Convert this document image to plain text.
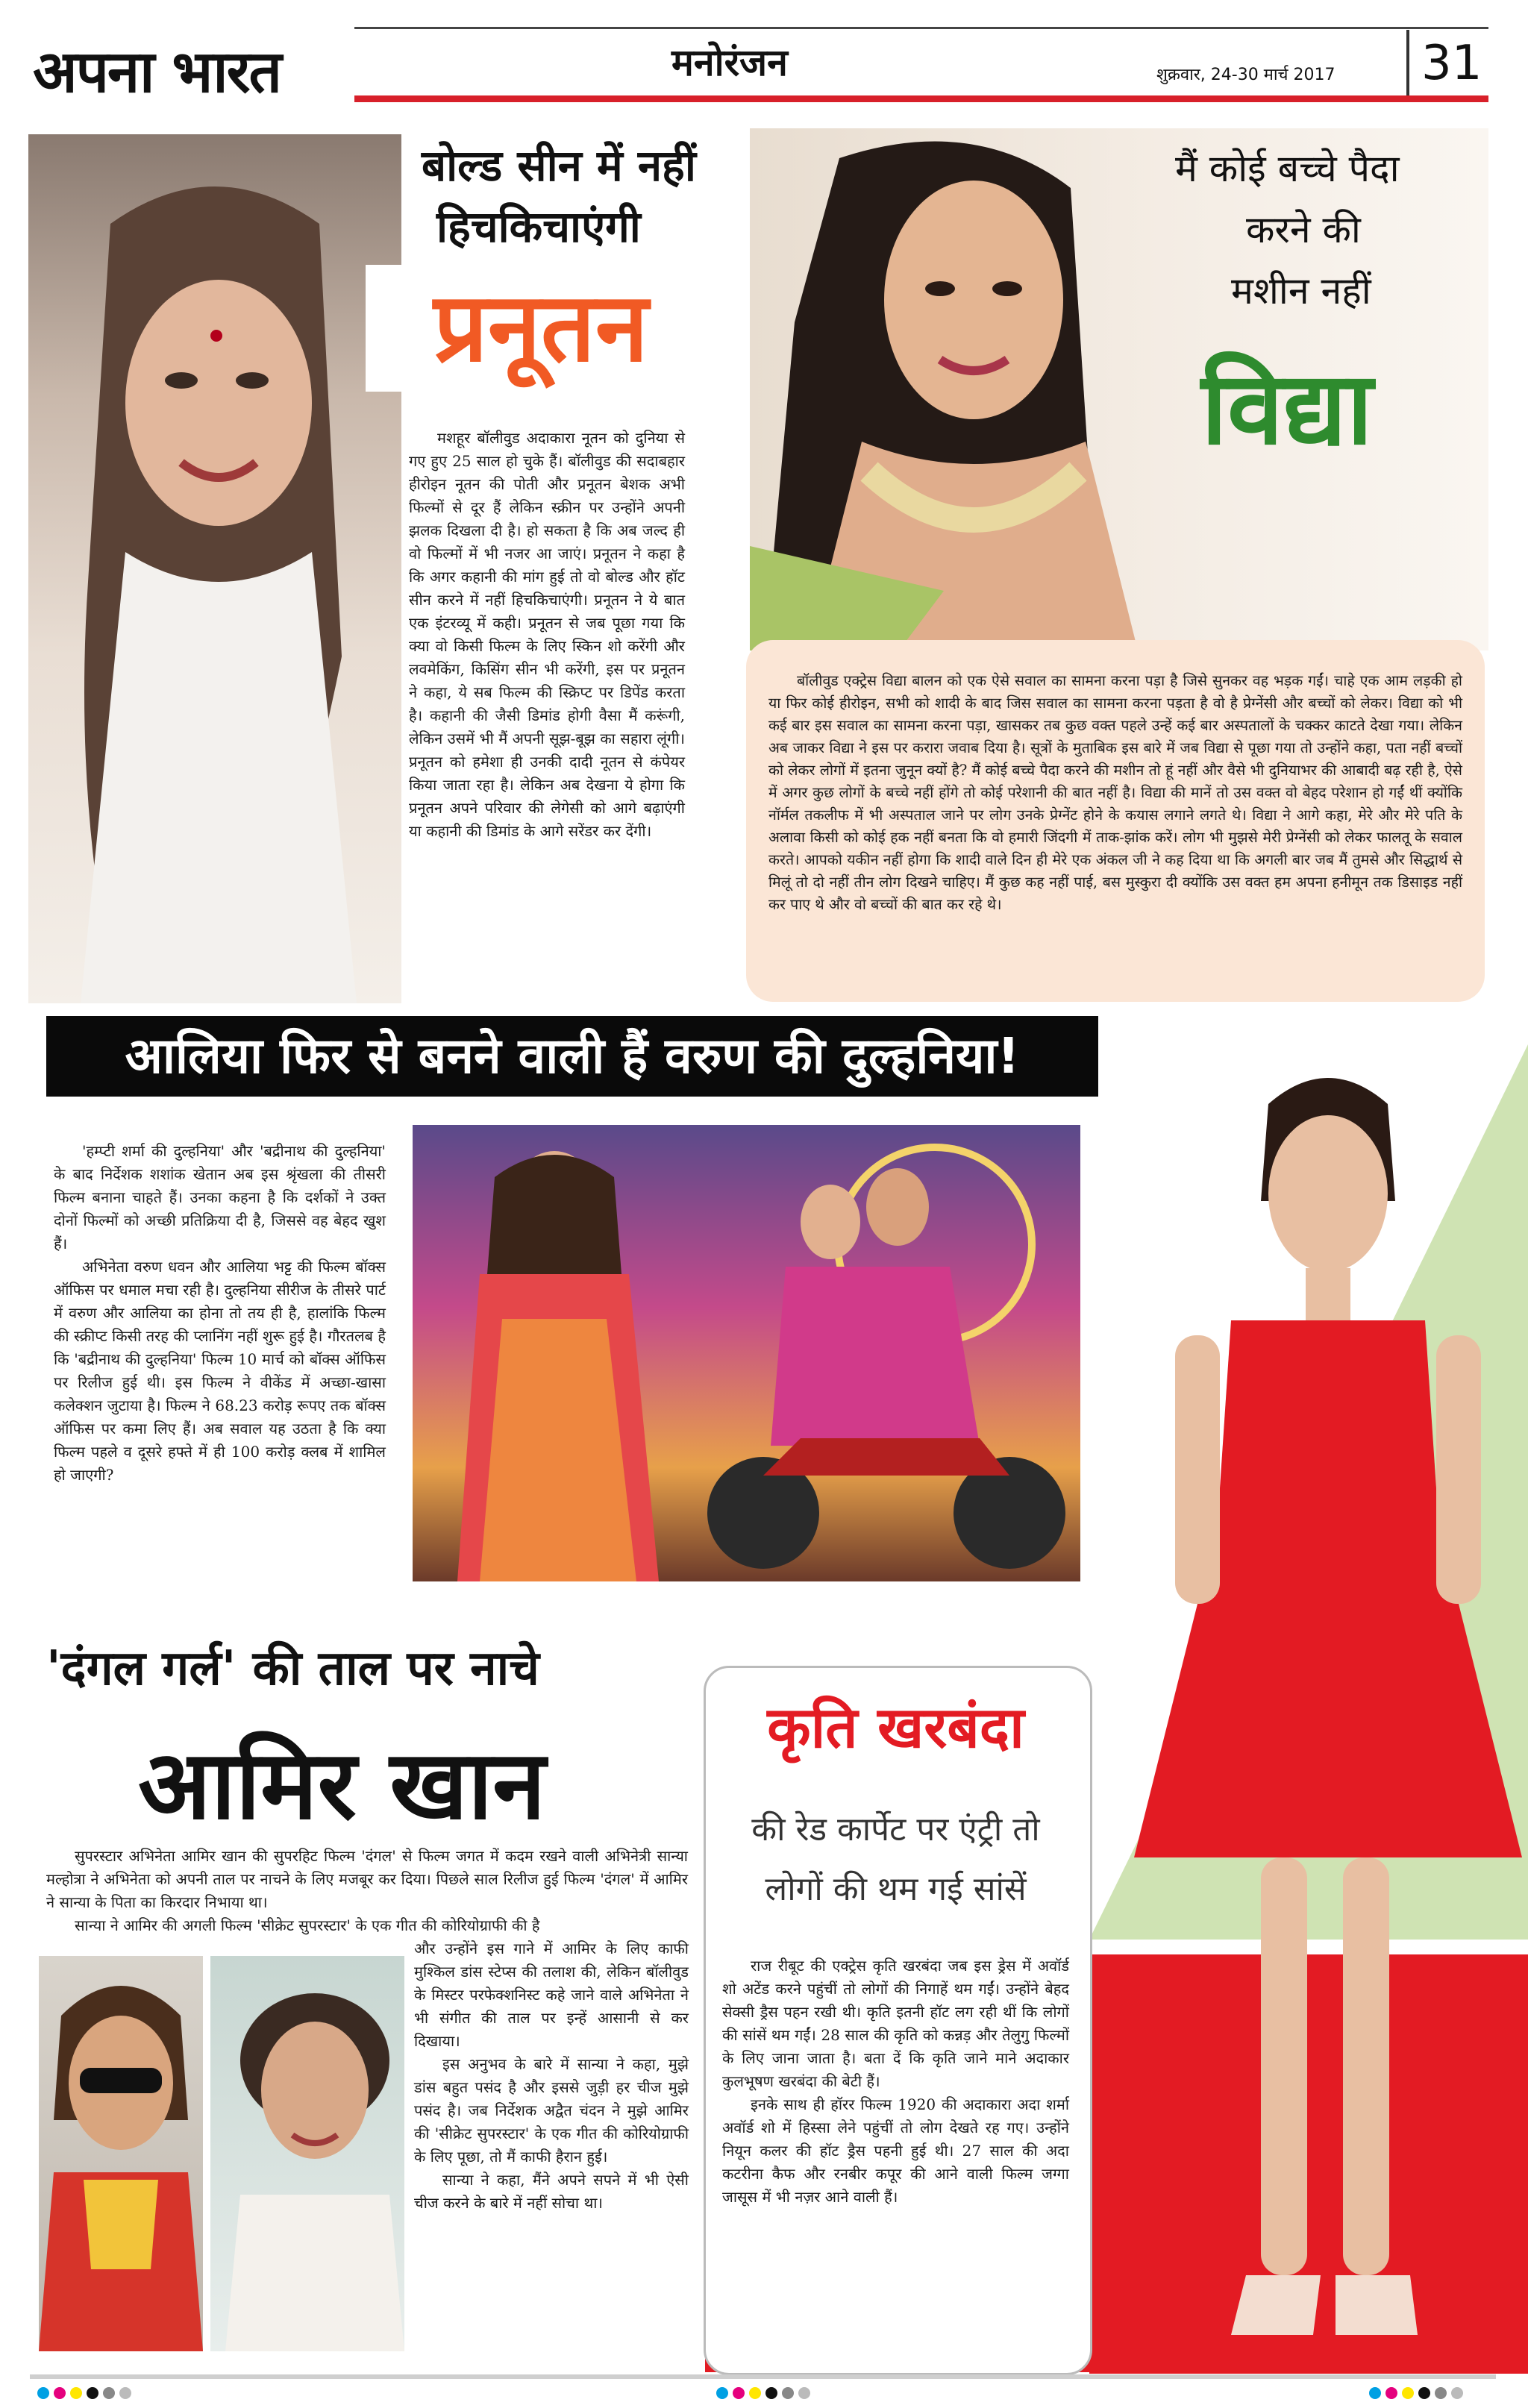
अपना भारत	मनोरंजन	शुक्रवार, 24-30 मार्च 2017 31
बोल्ड सीन में नहीं
हिचकिचाएंगी
प्रनूतन
मशहूर बॉलीवुड अदाकारा नूतन को दुनिया से गए हुए 25 साल हो चुके हैं। बॉलीवुड की सदाबहार हीरोइन नूतन की पोती और प्रनूतन बेशक अभी फिल्मों से दूर हैं लेकिन स्क्रीन पर उन्होंने अपनी झलक दिखला दी है। हो सकता है कि अब जल्द ही वो फिल्मों में भी नजर आ जाएं। प्रनूतन ने कहा है कि अगर कहानी की मांग हुई तो वो बोल्ड और हॉट सीन करने में नहीं हिचकिचाएंगी। प्रनूतन ने ये बात एक इंटरव्यू में कही। प्रनूतन से जब पूछा गया कि क्या वो किसी फिल्म के लिए स्किन शो करेंगी और लवमेकिंग, किसिंग सीन भी करेंगी, इस पर प्रनूतन ने कहा, ये सब फिल्म की स्क्रिप्ट पर डिपेंड करता है। कहानी की जैसी डिमांड होगी वैसा मैं करूंगी, लेकिन उसमें भी मैं अपनी सूझ-बूझ का सहारा लूंगी। प्रनूतन को हमेशा ही उनकी दादी नूतन से कंपेयर किया जाता रहा है। लेकिन अब देखना ये होगा कि प्रनूतन अपने परिवार की लेगेसी को आगे बढ़ाएंगी या कहानी की डिमांड के आगे सरेंडर कर देंगी।
मैं कोई बच्चे पैदा
करने की
मशीन नहीं
विद्या
बॉलीवुड एक्ट्रेस विद्या बालन को एक ऐसे सवाल का सामना करना पड़ा है जिसे सुनकर वह भड़क गईं। चाहे एक आम लड़की हो या फिर कोई हीरोइन, सभी को शादी के बाद जिस सवाल का सामना करना पड़ता है वो है प्रेग्नेंसी और बच्चों को लेकर। विद्या को भी कई बार इस सवाल का सामना करना पड़ा, खासकर तब कुछ वक्त पहले उन्हें कई बार अस्पतालों के चक्कर काटते देखा गया। लेकिन अब जाकर विद्या ने इस पर करारा जवाब दिया है। सूत्रों के मुताबिक इस बारे में जब विद्या से पूछा गया तो उन्होंने कहा, पता नहीं बच्चों को लेकर लोगों में इतना जुनून क्यों है? मैं कोई बच्चे पैदा करने की मशीन तो हूं नहीं और वैसे भी दुनियाभर की आबादी बढ़ रही है, ऐसे में अगर कुछ लोगों के बच्चे नहीं होंगे तो कोई परेशानी की बात नहीं है। विद्या की मानें तो उस वक्त वो बेहद परेशान हो गईं थीं क्योंकि नॉर्मल तकलीफ में भी अस्पताल जाने पर लोग उनके प्रेग्नेंट होने के कयास लगाने लगते थे। विद्या ने आगे कहा, मेरे और मेरे पति के अलावा किसी को कोई हक नहीं बनता कि वो हमारी जिंदगी में ताक-झांक करें। लोग भी मुझसे मेरी प्रेग्नेंसी को लेकर फालतू के सवाल करते। आपको यकीन नहीं होगा कि शादी वाले दिन ही मेरे एक अंकल जी ने कह दिया था कि अगली बार जब मैं तुमसे और सिद्धार्थ से मिलूं तो दो नहीं तीन लोग दिखने चाहिए। मैं कुछ कह नहीं पाई, बस मुस्कुरा दी क्योंकि उस वक्त हम अपना हनीमून तक डिसाइड नहीं कर पाए थे और वो बच्चों की बात कर रहे थे।
आलिया फिर से बनने वाली हैं वरुण की दुल्हनिया!

'हम्प्टी शर्मा की दुल्हनिया' और 'बद्रीनाथ की दुल्हनिया' के बाद निर्देशक शशांक खेतान अब इस श्रृंखला की तीसरी फिल्म बनाना चाहते हैं। उनका कहना है कि दर्शकों ने उक्त दोनों फिल्मों को अच्छी प्रतिक्रिया दी है, जिससे वह बेहद खुश हैं।

अभिनेता वरुण धवन और आलिया भट्ट की फिल्म बॉक्स ऑफिस पर धमाल मचा रही है। दुल्हनिया सीरीज के तीसरे पार्ट में वरुण और आलिया का होना तो तय ही है, हालांकि फिल्म की स्क्रीप्ट किसी तरह की प्लानिंग नहीं शुरू हुई है। गौरतलब है कि 'बद्रीनाथ की दुल्हनिया' फिल्म 10 मार्च को बॉक्स ऑफिस पर रिलीज हुई थी। इस फिल्म ने वीकेंड में अच्छा-खासा कलेक्शन जुटाया है। फिल्म ने 68.23 करोड़ रूपए तक बॉक्स ऑफिस पर कमा लिए हैं। अब सवाल यह उठता है कि क्या फिल्म पहले व दूसरे हफ्ते में ही 100 करोड़ क्लब में शामिल हो जाएगी?

कृति खरबंदा
की रेड कार्पेट पर एंट्री तो
लोगों की थम गई सांसें

राज रीबूट की एक्ट्रेस कृति खरबंदा जब इस ड्रेस में अवॉर्ड शो अटेंड करने पहुंचीं तो लोगों की निगाहें थम गईं। उन्होंने बेहद सेक्सी ड्रैस पहन रखी थी। कृति इतनी हॉट लग रही थीं कि लोगों की सांसें थम गईं। 28 साल की कृति को कन्नड़ और तेलुगु फिल्मों के लिए जाना जाता है। बता दें कि कृति जाने माने अदाकार कुलभूषण खरबंदा की बेटी हैं।

इनके साथ ही हॉरर फिल्म 1920 की अदाकारा अदा शर्मा अवॉर्ड शो में हिस्सा लेने पहुंचीं तो लोग देखते रह गए। उन्होंने नियून कलर की हॉट ड्रैस पहनी हुई थी। 27 साल की अदा कटरीना कैफ और रनबीर कपूर की आने वाली फिल्म जग्गा जासूस में भी नज़र आने वाली हैं।

'दंगल गर्ल' की ताल पर नाचे
आमिर खान
सुपरस्टार अभिनेता आमिर खान की सुपरहिट फिल्म 'दंगल' से फिल्म जगत में कदम रखने वाली अभिनेत्री सान्या मल्होत्रा ने अभिनेता को अपनी ताल पर नाचने के लिए मजबूर कर दिया। पिछले साल रिलीज हुई फिल्म 'दंगल' में आमिर ने सान्या के पिता का किरदार निभाया था।
सान्या ने आमिर की अगली फिल्म 'सीक्रेट सुपरस्टार' के एक गीत की कोरियोग्राफी की है

और उन्होंने इस गाने में आमिर के लिए काफी मुश्किल डांस स्टेप्स की तलाश की, लेकिन बॉलीवुड के मिस्टर परफेक्शनिस्ट कहे जाने वाले अभिनेता ने भी संगीत की ताल पर इन्हें आसानी से कर दिखाया।

इस अनुभव के बारे में सान्या ने कहा, मुझे डांस बहुत पसंद है और इससे जुड़ी हर चीज मुझे पसंद है। जब निर्देशक अद्वैत चंदन ने मुझे आमिर की 'सीक्रेट सुपरस्टार' के एक गीत की कोरियोग्राफी के लिए पूछा, तो मैं काफी हैरान हुई।

सान्या ने कहा, मैंने अपने सपने में भी ऐसी चीज करने के बारे में नहीं सोचा था।
